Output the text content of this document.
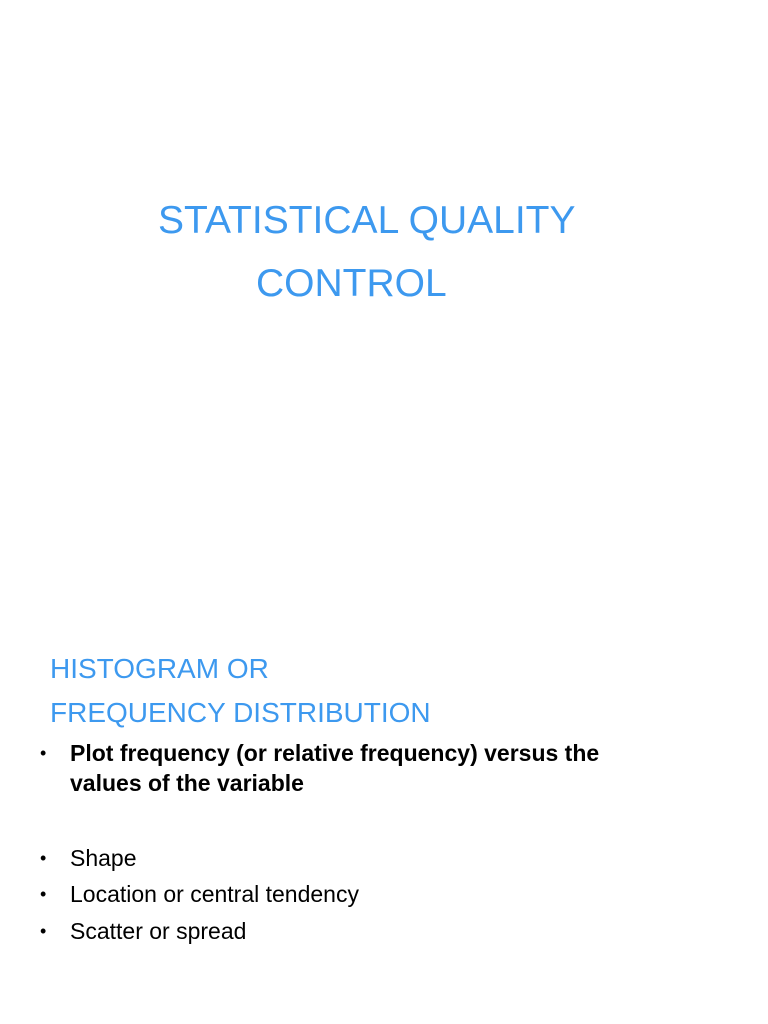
STATISTICAL QUALITY
CONTROL
HISTOGRAM OR
FREQUENCY DISTRIBUTION
• Plot frequency (or relative frequency) versus the
values of the variable
• Shape
• Location or central tendency
• Scatter or spread
